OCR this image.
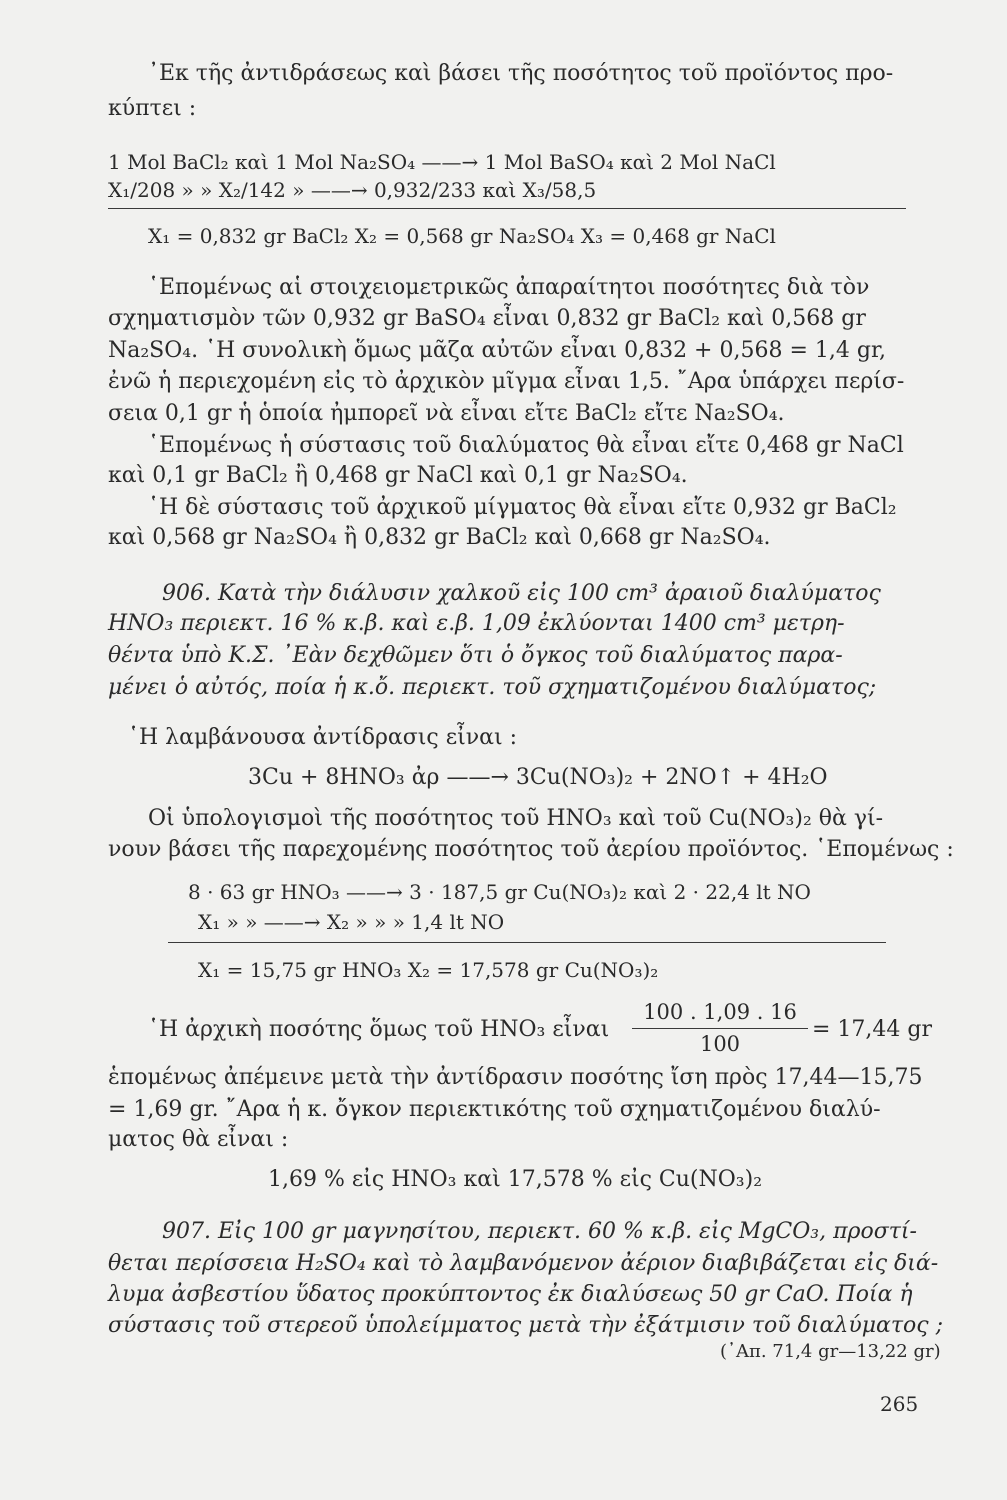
᾿Εκ τῆς ἀντιδράσεως καὶ βάσει τῆς ποσότητος τοῦ προϊόντος προ-
κύπτει :
1 Mol BaCl₂ καὶ 1 Mol Na₂SO₄ ——→ 1 Mol BaSO₄ καὶ 2 Mol NaCl
X₁/208 » » X₂/142 » ——→ 0,932/233 καὶ X₃/58,5
X₁ = 0,832 gr BaCl₂ X₂ = 0,568 gr Na₂SO₄ X₃ = 0,468 gr NaCl
῾Επομένως αἱ στοιχειομετρικῶς ἀπαραίτητοι ποσότητες διὰ τὸν
σχηματισμὸν τῶν 0,932 gr BaSO₄ εἶναι 0,832 gr BaCl₂ καὶ 0,568 gr
Na₂SO₄. ῾Η συνολικὴ ὅμως μᾶζα αὐτῶν εἶναι 0,832 + 0,568 = 1,4 gr,
ἐνῶ ἡ περιεχομένη εἰς τὸ ἀρχικὸν μῖγμα εἶναι 1,5. ῎Αρα ὑπάρχει περίσ-
σεια 0,1 gr ἡ ὁποία ἠμπορεῖ νὰ εἶναι εἴτε BaCl₂ εἴτε Na₂SO₄.
῾Επομένως ἡ σύστασις τοῦ διαλύματος θὰ εἶναι εἴτε 0,468 gr NaCl
καὶ 0,1 gr BaCl₂ ἢ 0,468 gr NaCl καὶ 0,1 gr Na₂SO₄.
῾Η δὲ σύστασις τοῦ ἀρχικοῦ μίγματος θὰ εἶναι εἴτε 0,932 gr BaCl₂
καὶ 0,568 gr Na₂SO₄ ἢ 0,832 gr BaCl₂ καὶ 0,668 gr Na₂SO₄.
906. Κατὰ τὴν διάλυσιν χαλκοῦ εἰς 100 cm³ ἀραιοῦ διαλύματος
HNO₃ περιεκτ. 16 % κ.β. καὶ ε.β. 1,09 ἐκλύονται 1400 cm³ μετρη-
θέντα ὑπὸ Κ.Σ. ᾿Εὰν δεχθῶμεν ὅτι ὁ ὄγκος τοῦ διαλύματος παρα-
μένει ὁ αὐτός, ποία ἡ κ.ὄ. περιεκτ. τοῦ σχηματιζομένου διαλύματος;
῾Η λαμβάνουσα ἀντίδρασις εἶναι :
3Cu + 8HNO₃ ἀρ ——→ 3Cu(NO₃)₂ + 2NO↑ + 4H₂O
Οἱ ὑπολογισμοὶ τῆς ποσότητος τοῦ HNO₃ καὶ τοῦ Cu(NO₃)₂ θὰ γί-
νουν βάσει τῆς παρεχομένης ποσότητος τοῦ ἀερίου προϊόντος. ῾Επομένως :
8 · 63 gr HNO₃ ——→ 3 · 187,5 gr Cu(NO₃)₂ καὶ 2 · 22,4 lt NO
X₁ » » ——→ X₂ » » » 1,4 lt NO
X₁ = 15,75 gr HNO₃ X₂ = 17,578 gr Cu(NO₃)₂
῾Η ἀρχικὴ ποσότης ὅμως τοῦ HNO₃ εἶναι
100 . 1,09 . 16
100
= 17,44 gr
ἑπομένως ἀπέμεινε μετὰ τὴν ἀντίδρασιν ποσότης ἴση πρὸς 17,44—15,75
= 1,69 gr. ῎Αρα ἡ κ. ὄγκον περιεκτικότης τοῦ σχηματιζομένου διαλύ-
ματος θὰ εἶναι :
1,69 % εἰς HNO₃ καὶ 17,578 % εἰς Cu(NO₃)₂
907. Εἰς 100 gr μαγνησίτου, περιεκτ. 60 % κ.β. εἰς MgCO₃, προστί-
θεται περίσσεια H₂SO₄ καὶ τὸ λαμβανόμενον ἀέριον διαβιβάζεται εἰς διά-
λυμα ἀσβεστίου ὕδατος προκύπτοντος ἐκ διαλύσεως 50 gr CaO. Ποία ἡ
σύστασις τοῦ στερεοῦ ὑπολείμματος μετὰ τὴν ἐξάτμισιν τοῦ διαλύματος ;
(᾿Απ. 71,4 gr—13,22 gr)
265
